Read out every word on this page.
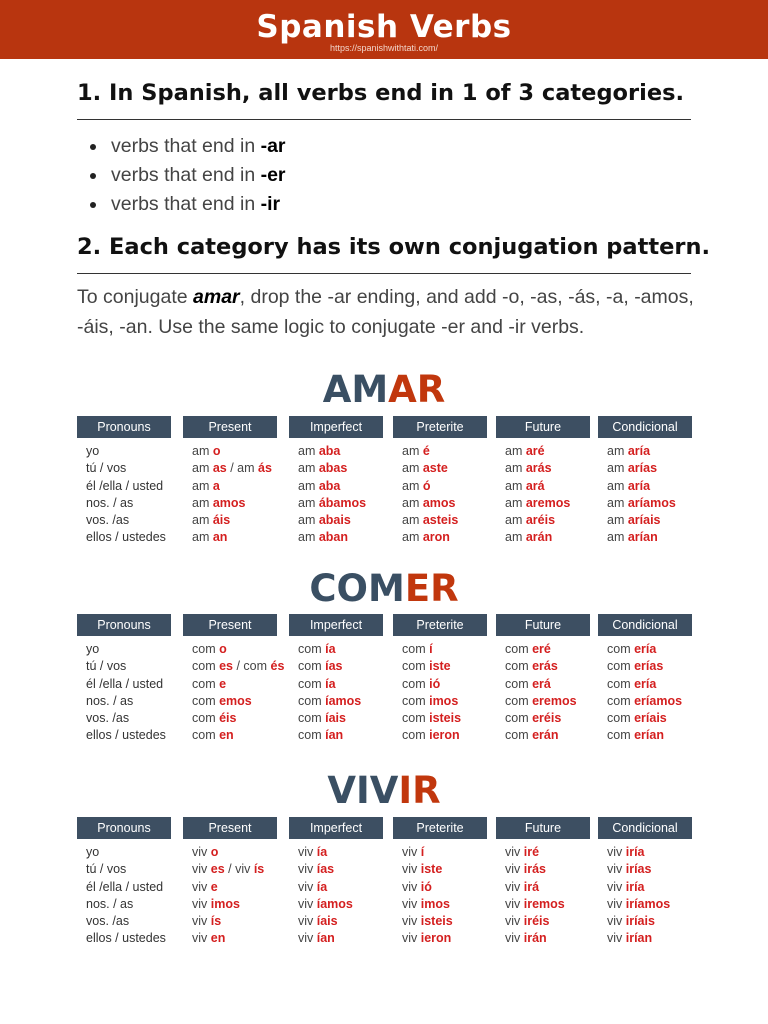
Spanish Verbs
https://spanishwithtati.com/
1. In Spanish, all verbs end in 1 of 3 categories.
verbs that end in -ar
verbs that end in -er
verbs that end in -ir
2. Each category has its own conjugation pattern.
To conjugate amar, drop the -ar ending, and add -o, -as, -ás, -a, -amos, -áis, -an. Use the same logic to conjugate -er and -ir verbs.
AMAR
Pronouns
yo
tú / vos
él /ella / usted
nos. / as
vos. /as
ellos / ustedes
Present
am o
am as / am ás
am a
am amos
am áis
am an
Imperfect
am aba
am abas
am aba
am ábamos
am abais
am aban
Preterite
am é
am aste
am ó
am amos
am asteis
am aron
Future
am aré
am arás
am ará
am aremos
am aréis
am arán
Condicional
am aría
am arías
am aría
am aríamos
am aríais
am arían
COMER
Pronouns
yo
tú / vos
él /ella / usted
nos. / as
vos. /as
ellos / ustedes
Present
com o
com es / com és
com e
com emos
com éis
com en
Imperfect
com ía
com ías
com ía
com íamos
com íais
com ían
Preterite
com í
com iste
com ió
com imos
com isteis
com ieron
Future
com eré
com erás
com erá
com eremos
com eréis
com erán
Condicional
com ería
com erías
com ería
com eríamos
com eríais
com erían
VIVIR
Pronouns
yo
tú / vos
él /ella / usted
nos. / as
vos. /as
ellos / ustedes
Present
viv o
viv es / viv ís
viv e
viv imos
viv ís
viv en
Imperfect
viv ía
viv ías
viv ía
viv íamos
viv íais
viv ían
Preterite
viv í
viv iste
viv ió
viv imos
viv isteis
viv ieron
Future
viv iré
viv irás
viv irá
viv iremos
viv iréis
viv irán
Condicional
viv iría
viv irías
viv iría
viv iríamos
viv iríais
viv irían
